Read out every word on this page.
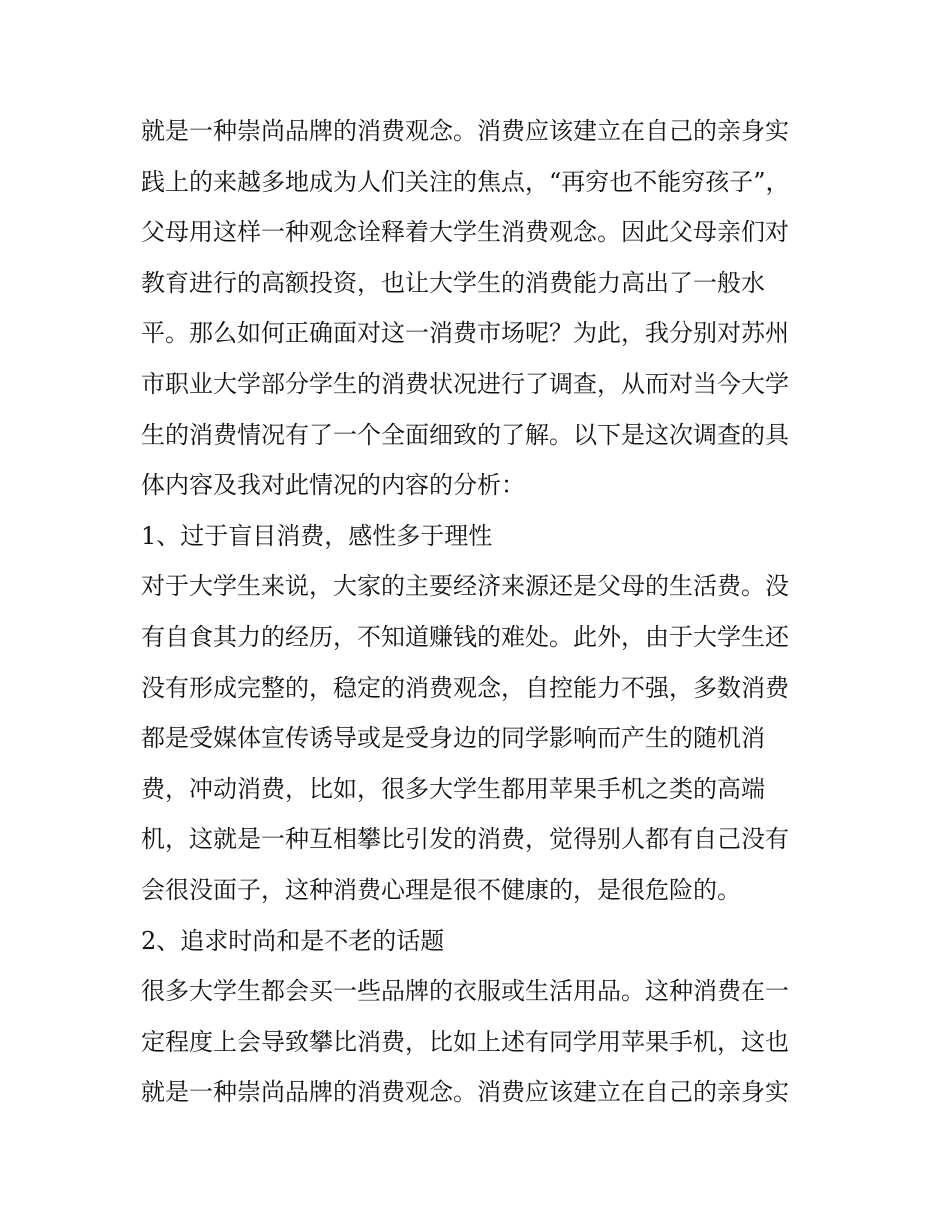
就是一种崇尚品牌的消费观念。消费应该建立在自己的亲身实
践上的来越多地成为人们关注的焦点，“再穷也不能穷孩子”，
父母用这样一种观念诠释着大学生消费观念。因此父母亲们对
教育进行的高额投资，也让大学生的消费能力高出了一般水
平。那么如何正确面对这一消费市场呢？为此，我分别对苏州
市职业大学部分学生的消费状况进行了调查，从而对当今大学
生的消费情况有了一个全面细致的了解。以下是这次调查的具
体内容及我对此情况的内容的分析：
1、过于盲目消费，感性多于理性
对于大学生来说，大家的主要经济来源还是父母的生活费。没
有自食其力的经历，不知道赚钱的难处。此外，由于大学生还
没有形成完整的，稳定的消费观念，自控能力不强，多数消费
都是受媒体宣传诱导或是受身边的同学影响而产生的随机消
费，冲动消费，比如，很多大学生都用苹果手机之类的高端
机，这就是一种互相攀比引发的消费，觉得别人都有自己没有
会很没面子，这种消费心理是很不健康的，是很危险的。
2、追求时尚和是不老的话题
很多大学生都会买一些品牌的衣服或生活用品。这种消费在一
定程度上会导致攀比消费，比如上述有同学用苹果手机，这也
就是一种崇尚品牌的消费观念。消费应该建立在自己的亲身实
